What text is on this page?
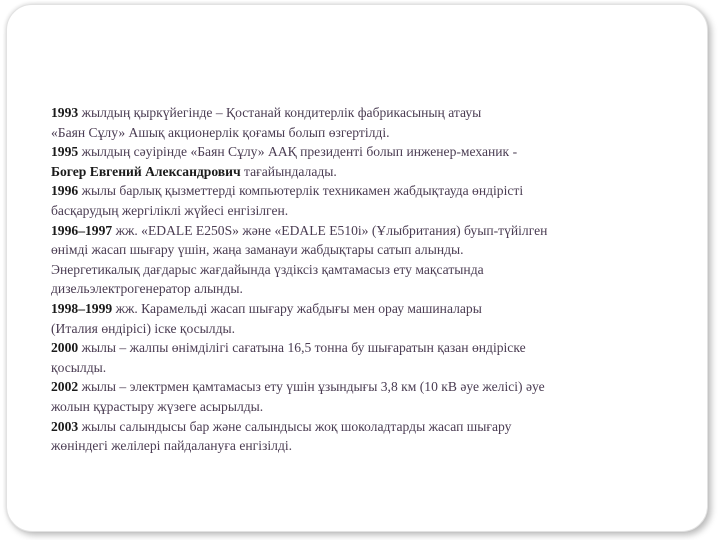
1993 жылдың қыркүйегінде – Қостанай кондитерлік фабрикасының атауы
«Баян Сұлу» Ашық акционерлік қоғамы болып өзгертілді.
1995 жылдың сәуірінде «Баян Сұлу» ААҚ президенті болып инженер-механик -
Богер Евгений Александрович тағайындалады.
1996 жылы барлық қызметтерді компьютерлік техникамен жабдықтауда өндірісті
басқарудың жергіліклі жүйесі енгізілген.
1996–1997 жж. «EDALE E250S» және «EDALE E510i» (Ұлыбритания) буып-түйілген
өнімді жасап шығару үшін, жаңа заманауи жабдықтары сатып алынды.
Энергетикалық дағдарыс жағдайында үздіксіз қамтамасыз ету мақсатында
дизельэлектрогенератор алынды.
1998–1999 жж. Карамельді жасап шығару жабдығы мен орау машиналары
(Италия өндірісі) іске қосылды.
2000 жылы – жалпы өнімділігі сағатына 16,5 тонна бу шығаратын қазан өндіріске
қосылды.
2002 жылы – электрмен қамтамасыз ету үшін ұзындығы 3,8 км (10 кВ әуе желісі) әуе
жолын құрастыру жүзеге асырылды.
2003 жылы салындысы бар және салындысы жоқ шоколадтарды жасап шығару
жөніндегі желілері пайдалануға енгізілді.
